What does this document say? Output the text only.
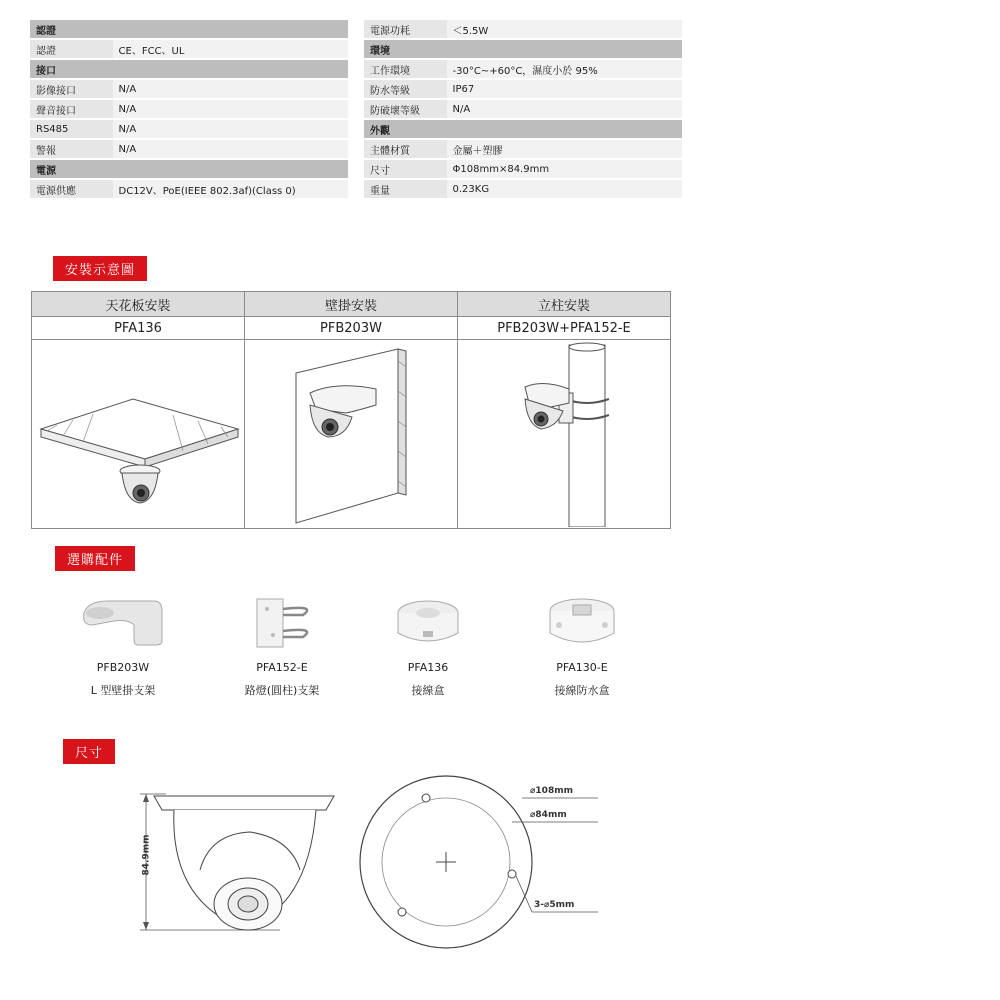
認證	
認證	CE、FCC、UL
接口	
影像接口	N/A
聲音接口	N/A
RS485	N/A
警報	N/A
電源	
電源供應	DC12V、PoE(IEEE 802.3af)(Class 0)
電源功耗	＜5.5W
環境	
工作環境	-30°C~+60°C，濕度小於 95%
防水等級	IP67
防破壞等級	N/A
外觀	
主體材質	金屬＋塑膠
尺寸	Φ108mm×84.9mm
重量	0.23KG
安裝示意圖
天花板安裝	壁掛安裝	立柱安裝
PFA136	PFB203W	PFB203W+PFA152-E

選購配件
PFB203W
L 型壁掛支架
PFA152-E
路燈(圓柱)支架
PFA136
接線盒
PFA130-E
接線防水盒
尺寸
84.9mm
⌀108mm
⌀84mm
3-⌀5mm
